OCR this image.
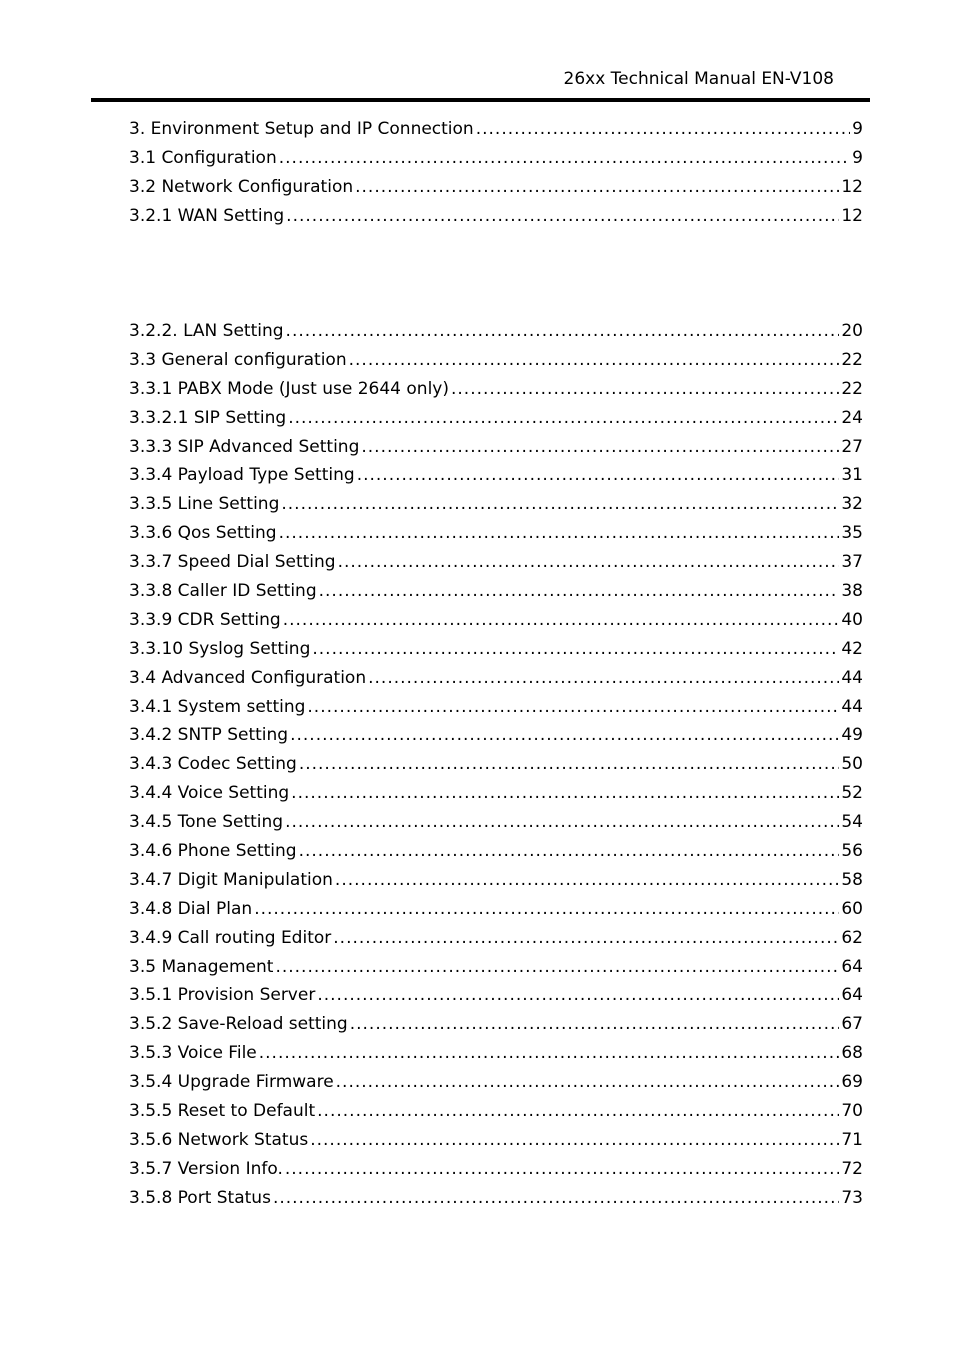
26xx Technical Manual EN-V108
3. Environment Setup and IP Connection .....	9
3.1 Configuration .....	9
3.2 Network Configuration .....	12
3.2.1 WAN Setting .....	12
3.2.2. LAN Setting .....	20
3.3 General configuration .....	22
3.3.1 PABX Mode (Just use 2644 only) .....	22
3.3.2.1 SIP Setting .....	24
3.3.3 SIP Advanced Setting .....	27
3.3.4 Payload Type Setting .....	31
3.3.5 Line Setting .....	32
3.3.6 Qos Setting .....	35
3.3.7 Speed Dial Setting .....	37
3.3.8 Caller ID Setting .....	38
3.3.9 CDR Setting .....	40
3.3.10 Syslog Setting .....	42
3.4 Advanced Configuration .....	44
3.4.1 System setting .....	44
3.4.2 SNTP Setting .....	49
3.4.3 Codec Setting .....	50
3.4.4 Voice Setting .....	52
3.4.5 Tone Setting .....	54
3.4.6 Phone Setting .....	56
3.4.7 Digit Manipulation .....	58
3.4.8 Dial Plan .....	60
3.4.9 Call routing Editor .....	62
3.5 Management .....	64
3.5.1 Provision Server .....	64
3.5.2 Save-Reload setting .....	67
3.5.3 Voice File .....	68
3.5.4 Upgrade Firmware .....	69
3.5.5 Reset to Default .....	70
3.5.6 Network Status .....	71
3.5.7 Version Info. .....	72
3.5.8 Port Status .....	73
